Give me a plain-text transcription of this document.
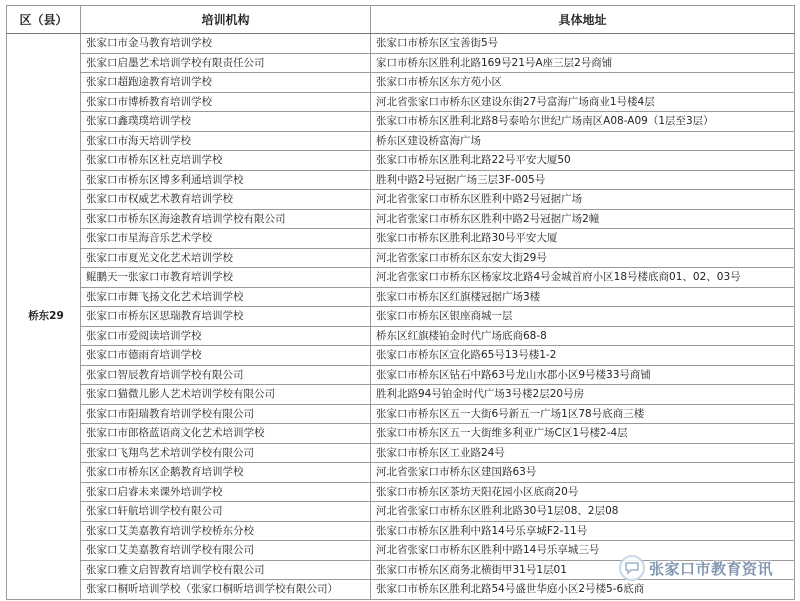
区（县）	培训机构	具体地址
桥东29	张家口市金马教育培训学校	张家口市桥东区宝善街5号
	张家口启墨艺术培训学校有限责任公司	家口市桥东区胜利北路169号21号A座三层2号商铺
	张家口超跑途教育培训学校	张家口市桥东区东方苑小区
	张家口市博桥教育培训学校	河北省张家口市桥东区建设东街27号富海广场商业1号楼4层
	张家口鑫璞璞培训学校	张家口市桥东区胜利北路8号泰哈尔世纪广场南区A08-A09（1层至3层）
	张家口市海天培训学校	桥东区建设桥富海广场
	张家口市桥东区杜克培训学校	张家口市桥东区胜利北路22号平安大厦50
	张家口市桥东区博多利通培训学校	胜利中路2号冠据广场三层3F-005号
	张家口市权威艺术教育培训学校	河北省张家口市桥东区胜利中路2号冠据广场
	张家口市桥东区海途教育培训学校有限公司	河北省张家口市桥东区胜利中路2号冠据广场2幢
	张家口市星海音乐艺术学校	张家口市桥东区胜利北路30号平安大厦
	张家口市夏光文化艺术培训学校	河北省张家口市桥东区东安大街29号
	鲲鹏天一张家口市教育培训学校	河北省张家口市桥东区杨家坟北路4号金城首府小区18号楼底商01、02、03号
	张家口市舞飞扬文化艺术培训学校	张家口市桥东区红旗楼冠据广场3楼
	张家口市桥东区思瑞教育培训学校	张家口市桥东区银座商城一层
	张家口市爱阅读培训学校	桥东区红旗楼铂金时代广场底商68-8
	张家口市德雨育培训学校	张家口市桥东区宣化路65号13号楼1-2
	张家口智辰教育培训学校有限公司	张家口市桥东区钻石中路63号龙山水郡小区9号楼33号商铺
	张家口猫微儿影人艺术培训学校有限公司	胜利北路94号铂金时代广场3号楼2层20号房
	张家口市阳瑞教育培训学校有限公司	张家口市桥东区五一大街6号新五一广场1区78号底商三楼
	张家口市郎格蓝语商文化艺术培训学校	张家口市桥东区五一大街维多利亚广场C区1号楼2-4层
	张家口飞翔鸟艺术培训学校有限公司	张家口市桥东区工业路24号
	张家口市桥东区企鹅教育培训学校	河北省张家口市桥东区建国路63号
	张家口启睿未来课外培训学校	张家口市桥东区茶坊天阳花园小区底商20号
	张家口轩航培训学校有限公司	河北省张家口市桥东区胜利北路30号1层08、2层08
	张家口艾美嘉教育培训学校桥东分校	张家口市桥东区胜利中路14号乐享城F2-11号
	张家口艾美嘉教育培训学校有限公司	河北省张家口市桥东区胜利中路14号乐享城三号
	张家口雅文启智教育培训学校有限公司	张家口市桥东区商务北横街甲31号1层01
	张家口桐昕培训学校（张家口桐昕培训学校有限公司）	张家口市桥东区胜利北路54号盛世华庭小区2号楼5-6底商
张家口市教育资讯
